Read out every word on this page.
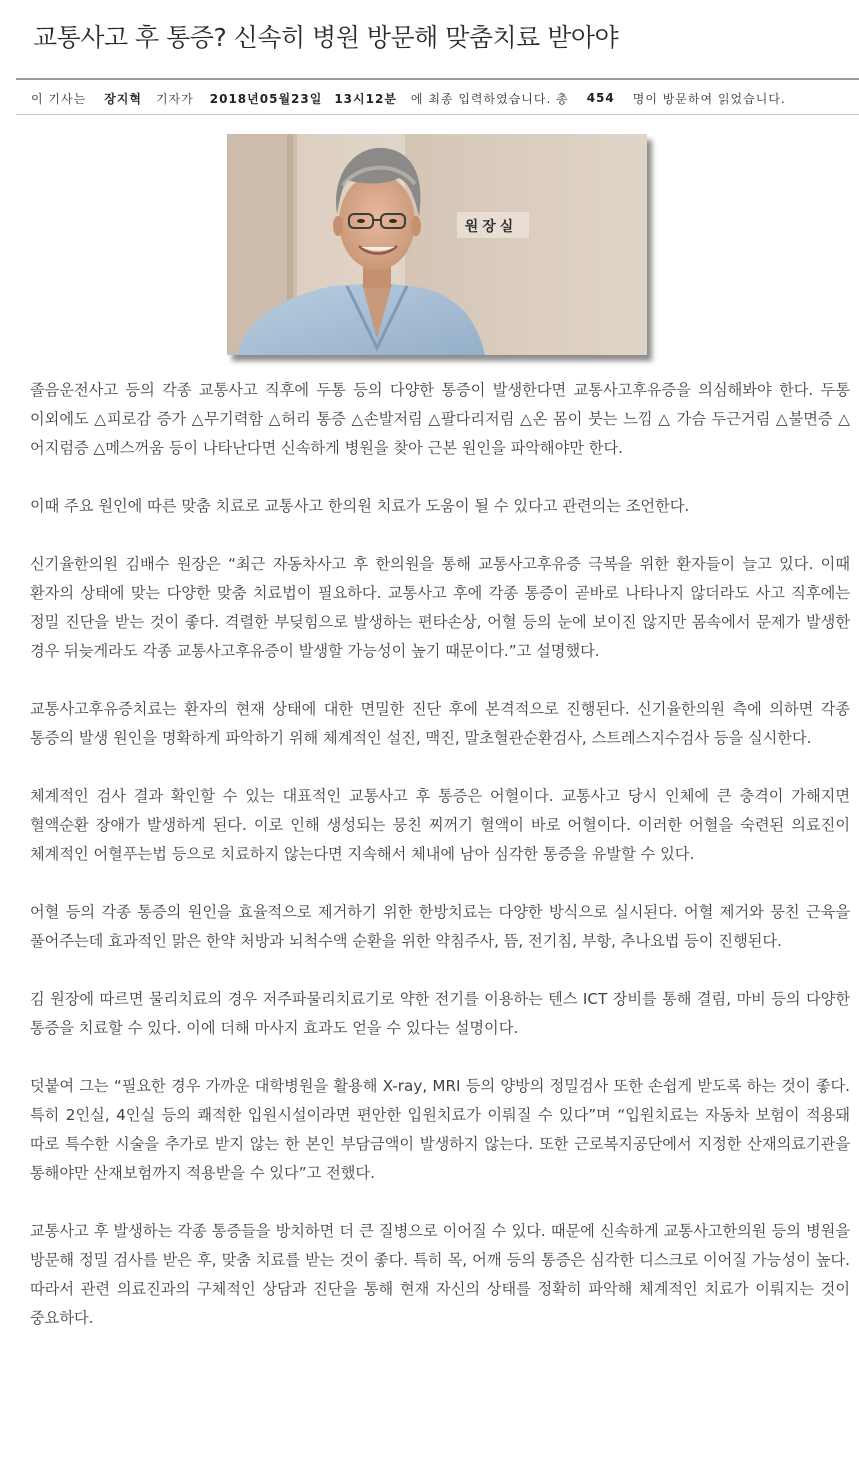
교통사고 후 통증? 신속히 병원 방문해 맞춤치료 받아야
이 기사는 장지혁 기자가 2018년05월23일 13시12분 에 최종 입력하였습니다. 총 454 명이 방문하여 읽었습니다.
원장실

졸음운전사고 등의 각종 교통사고 직후에 두통 등의 다양한 통증이 발생한다면 교통사고후유증을 의심해봐야 한다. 두통 이외에도 △피로감 증가 △무기력함 △허리 통증 △손발저림 △팔다리저림 △온 몸이 붓는 느낌 △ 가슴 두근거림 △불면증 △ 어지럼증 △메스꺼움 등이 나타난다면 신속하게 병원을 찾아 근본 원인을 파악해야만 한다.

이때 주요 원인에 따른 맞춤 치료로 교통사고 한의원 치료가 도움이 될 수 있다고 관련의는 조언한다.

신기율한의원 김배수 원장은 “최근 자동차사고 후 한의원을 통해 교통사고후유증 극복을 위한 환자들이 늘고 있다. 이때 환자의 상태에 맞는 다양한 맞춤 치료법이 필요하다. 교통사고 후에 각종 통증이 곧바로 나타나지 않더라도 사고 직후에는 정밀 진단을 받는 것이 좋다. 격렬한 부딪힘으로 발생하는 편타손상, 어혈 등의 눈에 보이진 않지만 몸속에서 문제가 발생한 경우 뒤늦게라도 각종 교통사고후유증이 발생할 가능성이 높기 때문이다.”고 설명했다.

교통사고후유증치료는 환자의 현재 상태에 대한 면밀한 진단 후에 본격적으로 진행된다. 신기율한의원 측에 의하면 각종 통증의 발생 원인을 명확하게 파악하기 위해 체계적인 설진, 맥진, 말초혈관순환검사, 스트레스지수검사 등을 실시한다.

체계적인 검사 결과 확인할 수 있는 대표적인 교통사고 후 통증은 어혈이다. 교통사고 당시 인체에 큰 충격이 가해지면 혈액순환 장애가 발생하게 된다. 이로 인해 생성되는 뭉친 찌꺼기 혈액이 바로 어혈이다. 이러한 어혈을 숙련된 의료진이 체계적인 어혈푸는법 등으로 치료하지 않는다면 지속해서 체내에 남아 심각한 통증을 유발할 수 있다.

어혈 등의 각종 통증의 원인을 효율적으로 제거하기 위한 한방치료는 다양한 방식으로 실시된다. 어혈 제거와 뭉친 근육을 풀어주는데 효과적인 맑은 한약 처방과 뇌척수액 순환을 위한 약침주사, 뜸, 전기침, 부항, 추나요법 등이 진행된다.

김 원장에 따르면 물리치료의 경우 저주파물리치료기로 약한 전기를 이용하는 텐스 ICT 장비를 통해 결림, 마비 등의 다양한 통증을 치료할 수 있다. 이에 더해 마사지 효과도 얻을 수 있다는 설명이다.

덧붙여 그는 “필요한 경우 가까운 대학병원을 활용해 X-ray, MRI 등의 양방의 정밀검사 또한 손쉽게 받도록 하는 것이 좋다. 특히 2인실, 4인실 등의 쾌적한 입원시설이라면 편안한 입원치료가 이뤄질 수 있다”며 “입원치료는 자동차 보험이 적용돼 따로 특수한 시술을 추가로 받지 않는 한 본인 부담금액이 발생하지 않는다. 또한 근로복지공단에서 지정한 산재의료기관을 통해야만 산재보험까지 적용받을 수 있다”고 전했다.

교통사고 후 발생하는 각종 통증들을 방치하면 더 큰 질병으로 이어질 수 있다. 때문에 신속하게 교통사고한의원 등의 병원을 방문해 정밀 검사를 받은 후, 맞춤 치료를 받는 것이 좋다. 특히 목, 어깨 등의 통증은 심각한 디스크로 이어질 가능성이 높다. 따라서 관련 의료진과의 구체적인 상담과 진단을 통해 현재 자신의 상태를 정확히 파악해 체계적인 치료가 이뤄지는 것이 중요하다.
